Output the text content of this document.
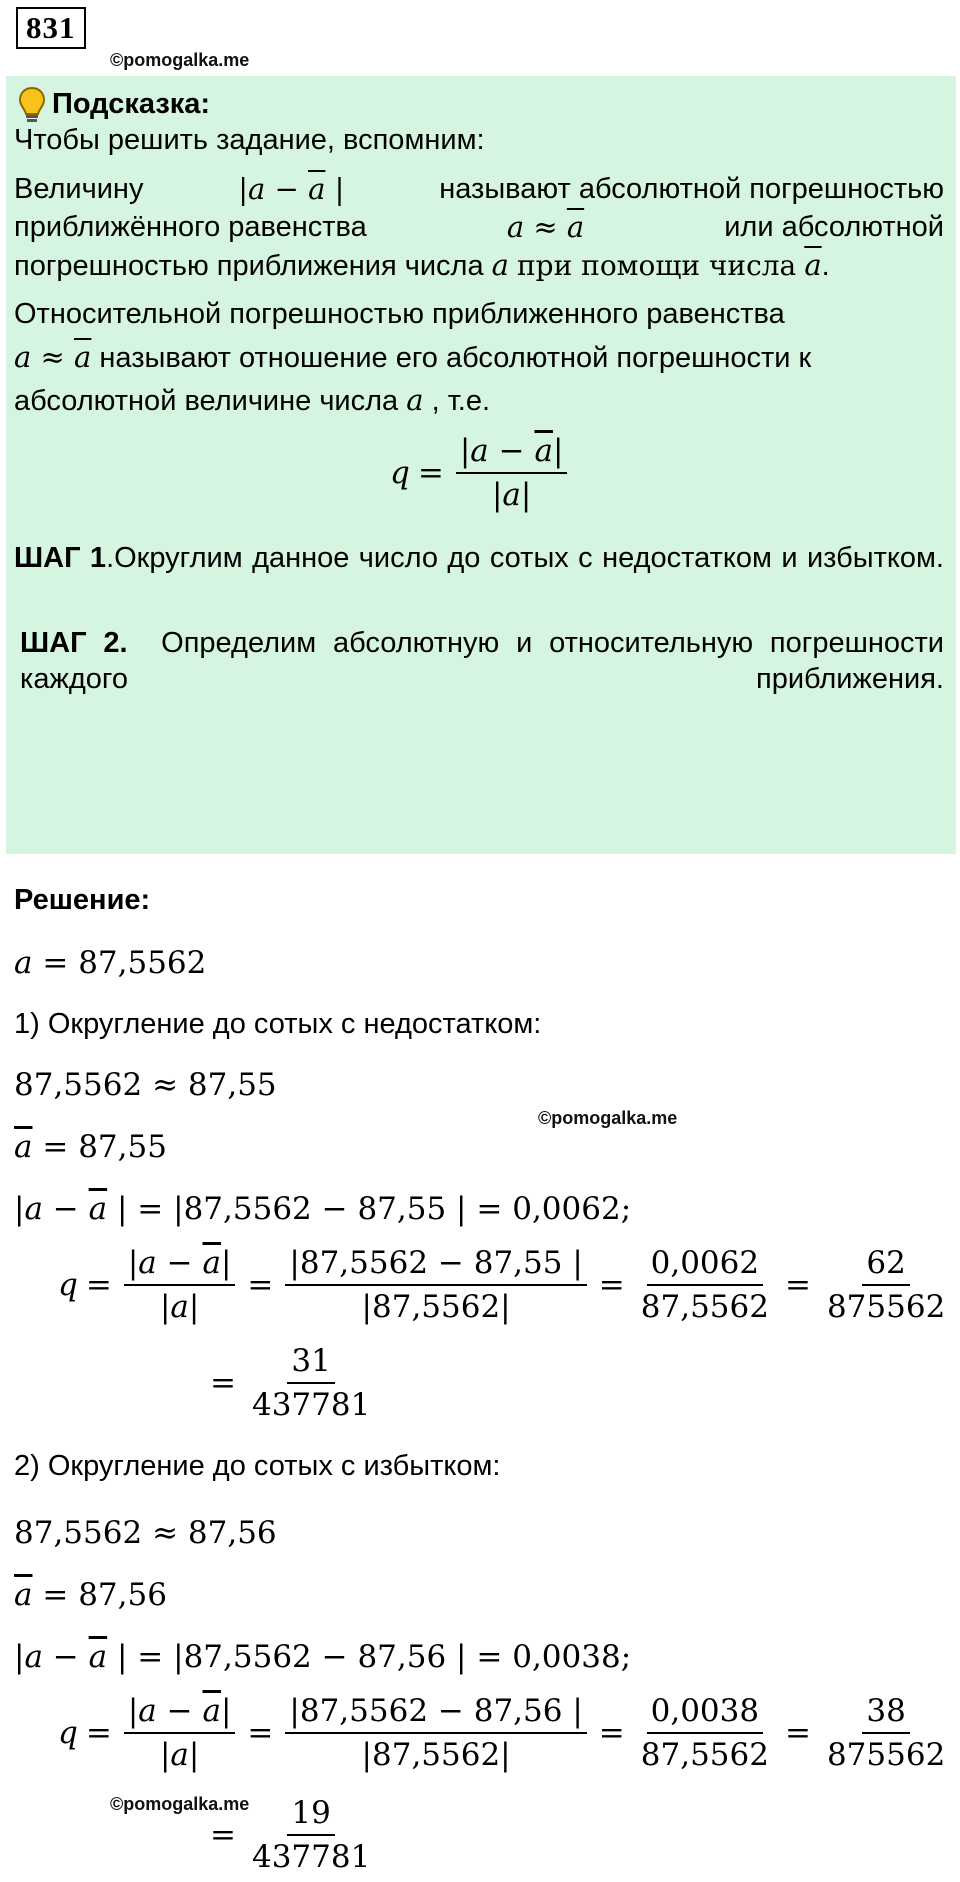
831
©pomogalka.me
Подсказка:
Чтобы решить задание, вспомним:
Величину	$|a - \overline{a}$ |	называют абсолютной погрешностью
приближённого равенства	$a \approx \overline{a}$	или абсолютной
погрешностью приближения числа a при помощи числа $\overline{a}$.
Относительной погрешностью приближенного равенства
$a \approx \overline{a}$ называют отношение его абсолютной погрешности к
абсолютной величине числа a , т.е.
$q = \frac{|a - \overline{a}|}{|a|}$
ШАГ 1.Округлим данное число до сотых с недостатком и избытком.
ШАГ 2. Определим абсолютную и относительную погрешности каждого приближения.
Решение:
a = 87,5562
1) Округление до сотых с недостатком:
87,5562 ≈ 87,55
©pomogalka.me
$\overline{a} = 87,55$
$|a - \overline{a}$ | = |87,5562 − 87,55 | = 0,0062;
$q = \frac{|a - \overline{a}|}{|a|} = \frac{|87,5562 - 87,55 |}{|87,5562|} = \frac{0,0062}{87,5562} = \frac{62}{875562}$
= $\frac{31}{437781}$
2) Округление до сотых с избытком:
87,5562 ≈ 87,56
$\overline{a} = 87,56$
$|a - \overline{a}$ | = |87,5562 − 87,56 | = 0,0038;
$q = \frac{|a - \overline{a}|}{|a|} = \frac{|87,5562 - 87,56 |}{|87,5562|} = \frac{0,0038}{87,5562} = \frac{38}{875562}$
©pomogalka.me
= $\frac{19}{437781}$
